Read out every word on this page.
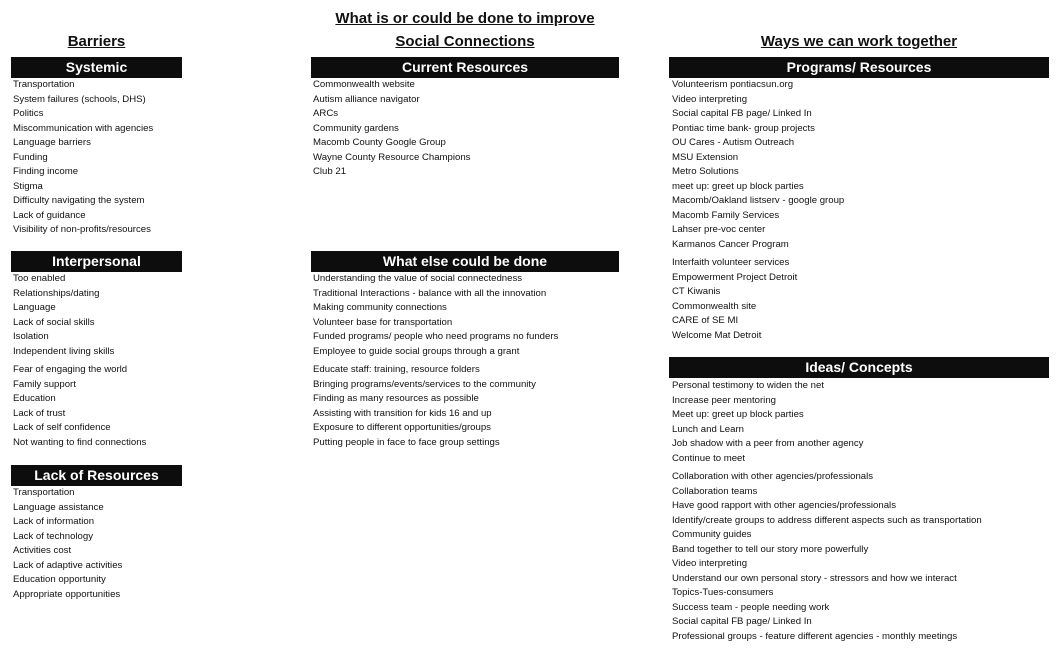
Barriers
What is or could be done to improve
Social Connections	Ways we can work together
Systemic
Transportation
System failures (schools, DHS)
Politics
Miscommunication with agencies
Language barriers
Funding
Finding income
Stigma
Difficulty navigating the system
Lack of guidance
Visibility of non-profits/resources
Interpersonal
Too enabled
Relationships/dating
Language
Lack of social skills
Isolation
Independent living skills
Fear of engaging the world
Family support
Education
Lack of trust
Lack of self confidence
Not wanting to find connections
Lack of Resources
Transportation
Language assistance
Lack of information
Lack of technology
Activities cost
Lack of adaptive activities
Education opportunity
Appropriate opportunities
Current Resources
Commonwealth website
Autism alliance navigator
ARCs
Community gardens
Macomb County Google Group
Wayne County Resource Champions
Club 21
What else could be done
Understanding the value of social connectedness
Traditional Interactions - balance with all the innovation
Making community connections
Volunteer base for transportation
Funded programs/ people who need programs no funders
Employee to guide social groups through a grant
Educate staff: training, resource folders
Bringing programs/events/services to the community
Finding as many resources as possible
Assisting with transition for kids 16 and up
Exposure to different opportunities/groups
Putting people in face to face group settings
Programs/ Resources
Volunteerism pontiacsun.org
Video interpreting
Social capital FB page/ Linked In
Pontiac time bank- group projects
OU Cares - Autism Outreach
MSU Extension
Metro Solutions
meet up: greet up block parties
Macomb/Oakland listserv - google group
Macomb Family Services
Lahser pre-voc center
Karmanos Cancer Program
Interfaith volunteer services
Empowerment Project Detroit
CT Kiwanis
Commonwealth site
CARE of SE MI
Welcome Mat Detroit
Ideas/ Concepts
Personal testimony to widen the net
Increase peer mentoring
Meet up: greet up block parties
Lunch and Learn
Job shadow with a peer from another agency
Continue to meet
Collaboration with other agencies/professionals
Collaboration teams
Have good rapport with other agencies/professionals
Identify/create groups to address different aspects such as transportation
Community guides
Band together to tell our story more powerfully
Video interpreting
Understand our own personal story - stressors and how we interact
Topics-Tues-consumers
Success team - people needing work
Social capital FB page/ Linked In
Professional groups - feature different agencies - monthly meetings
